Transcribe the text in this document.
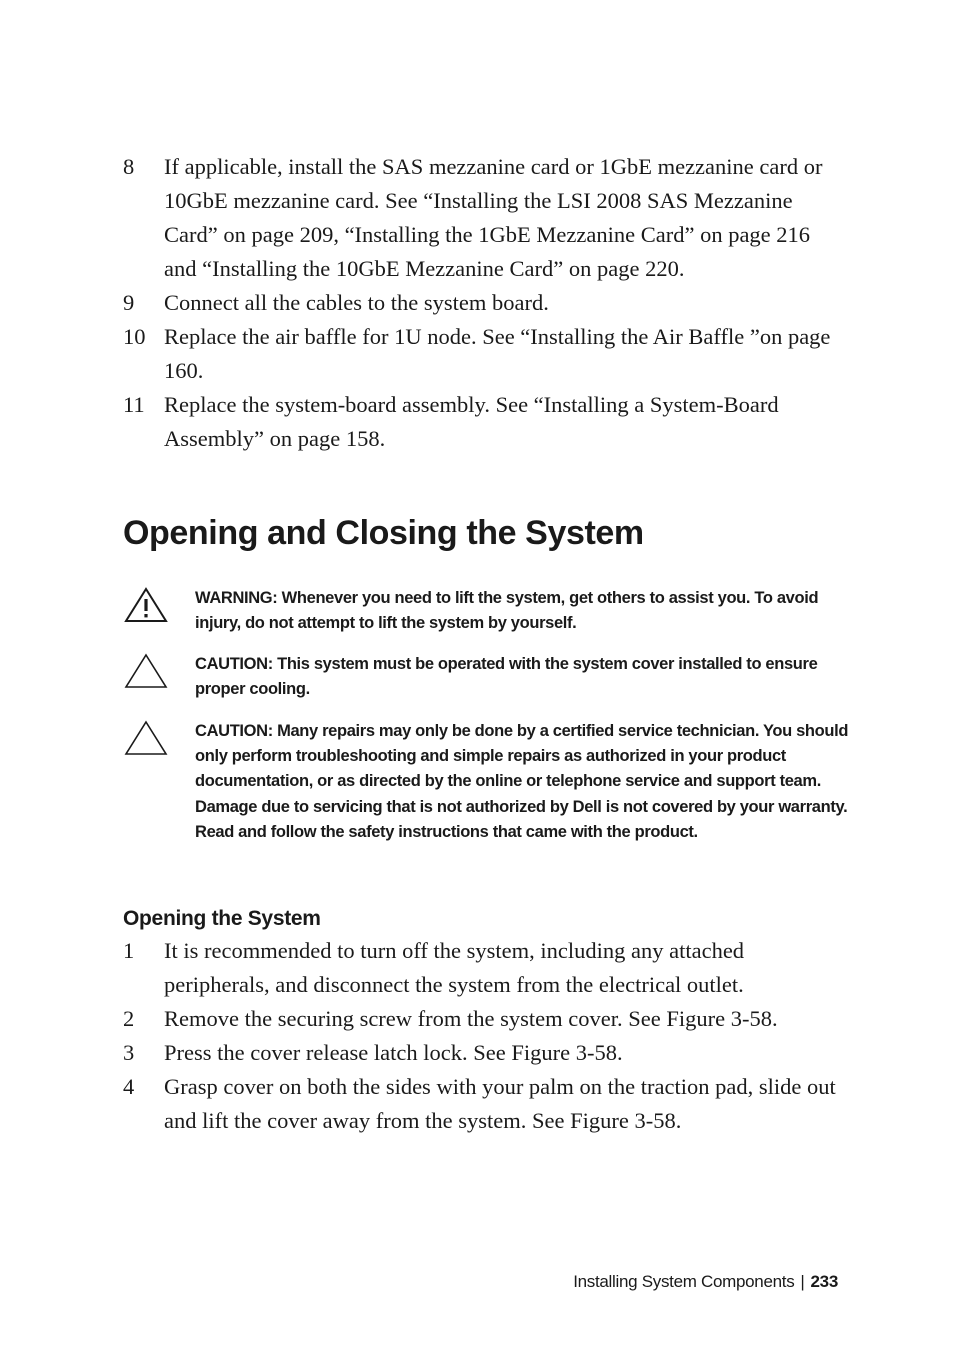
8 If applicable, install the SAS mezzanine card or 1GbE mezzanine card or 10GbE mezzanine card. See “Installing the LSI 2008 SAS Mezzanine Card” on page 209, “Installing the 1GbE Mezzanine Card” on page 216 and “Installing the 10GbE Mezzanine Card” on page 220.
9 Connect all the cables to the system board.
10 Replace the air baffle for 1U node. See “Installing the Air Baffle ”on page 160.
11 Replace the system-board assembly. See “Installing a System-Board Assembly” on page 158.
Opening and Closing the System
WARNING: Whenever you need to lift the system, get others to assist you. To avoid injury, do not attempt to lift the system by yourself.
CAUTION: This system must be operated with the system cover installed to ensure proper cooling.
CAUTION: Many repairs may only be done by a certified service technician. You should only perform troubleshooting and simple repairs as authorized in your product documentation, or as directed by the online or telephone service and support team. Damage due to servicing that is not authorized by Dell is not covered by your warranty. Read and follow the safety instructions that came with the product.
Opening the System
1 It is recommended to turn off the system, including any attached peripherals, and disconnect the system from the electrical outlet.
2 Remove the securing screw from the system cover. See Figure 3-58.
3 Press the cover release latch lock. See Figure 3-58.
4 Grasp cover on both the sides with your palm on the traction pad, slide out and lift the cover away from the system. See Figure 3-58.
Installing System Components | 233
